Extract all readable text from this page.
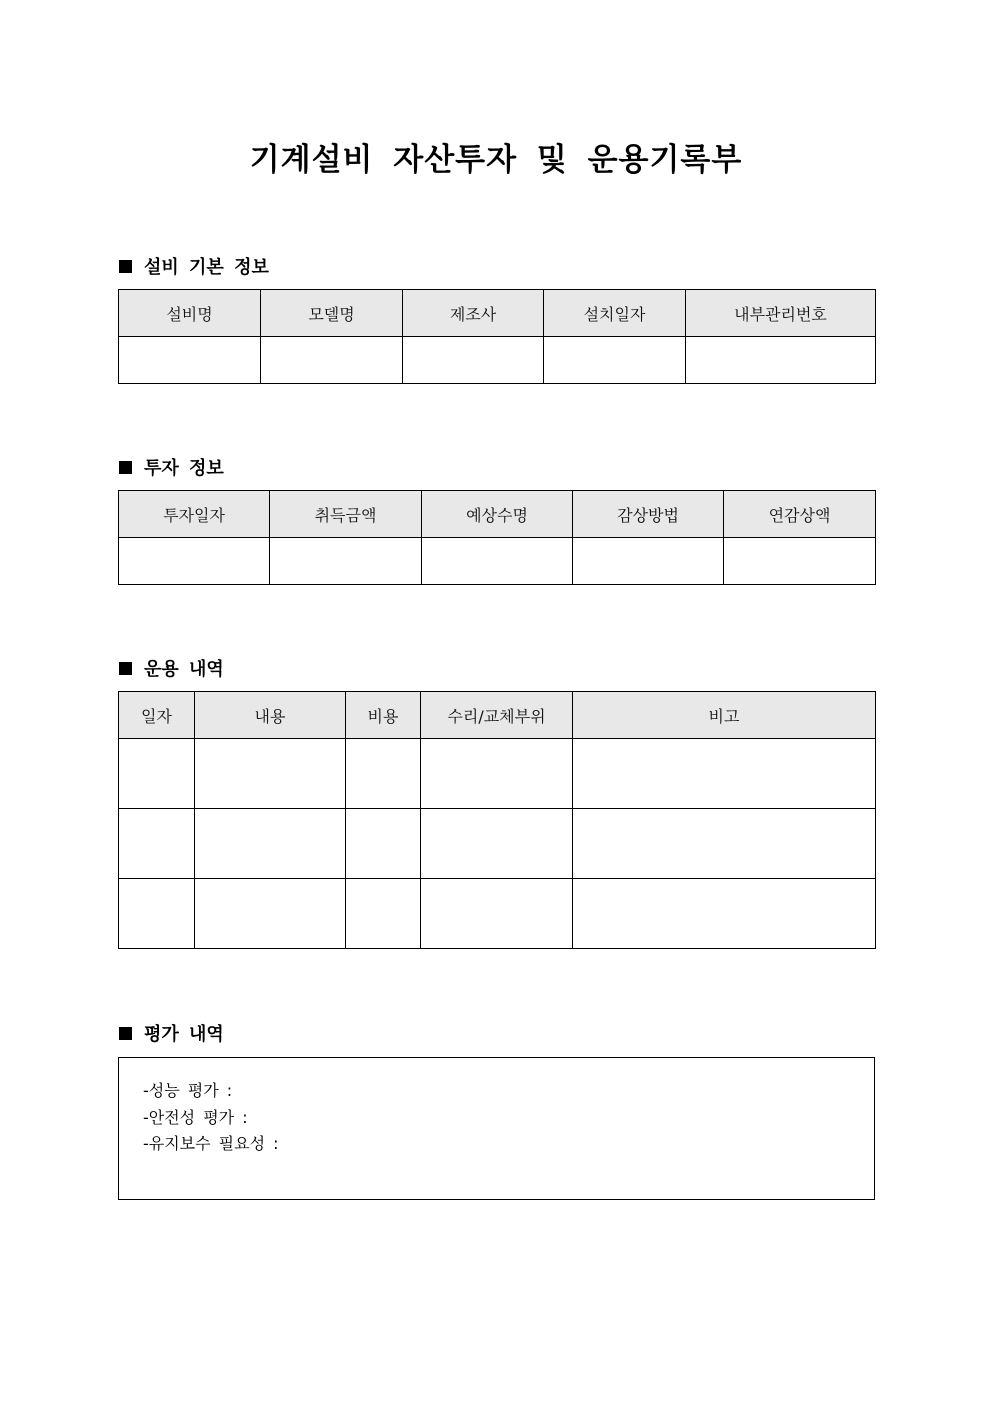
기계설비 자산투자 및 운용기록부
설비 기본 정보
설비명	모델명	제조사	설치일자	내부관리번호

투자 정보
투자일자	취득금액	예상수명	감상방법	연감상액

운용 내역
일자	내용	비용	수리/교체부위	비고

평가 내역
-성능 평가 :
-안전성 평가 :
-유지보수 필요성 :
